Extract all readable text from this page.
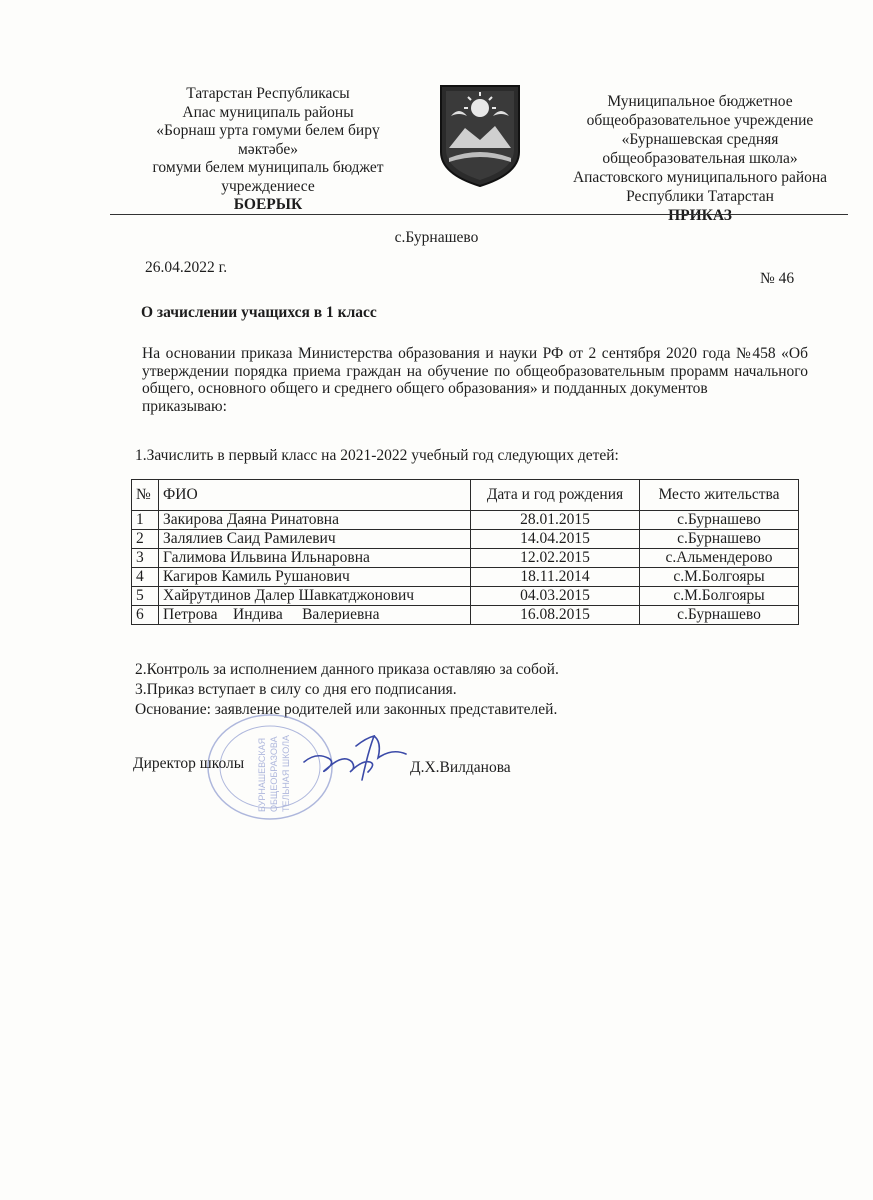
Татарстан Республикасы
Апас муниципаль районы
«Борнаш урта гомуми белем бирү
мәктәбе»
гомуми белем муниципаль бюджет
учреждениесе
БОЕРЫК
Муниципальное бюджетное
общеобразовательное учреждение
«Бурнашевская средняя
общеобразовательная школа»
Апастовского муниципального района
Республики Татарстан
ПРИКАЗ
с.Бурнашево
26.04.2022 г.
№ 46
О зачислении учащихся в 1 класс

На основании приказа Министерства образования и науки РФ от 2 сентября 2020 года №458 «Об утверждении порядка приема граждан на обучение по общеобразовательным прорамм начального общего, основного общего и среднего общего образования» и подданных документов

приказываю:

1.Зачислить в первый класс на 2021-2022 учебный год следующих детей:
№	ФИО	Дата и год рождения	Место жительства
1	Закирова Даяна Ринатовна	28.01.2015	с.Бурнашево
2	Залялиев Саид Рамилевич	14.04.2015	с.Бурнашево
3	Галимова Ильвина Ильнаровна	12.02.2015	с.Альмендерово
4	Кагиров Камиль Рушанович	18.11.2014	с.М.Болгояры
5	Хайрутдинов Далер Шавкатджонович	04.03.2015	с.М.Болгояры
6	Петрова    Индива     Валериевна	16.08.2015	с.Бурнашево

2.Контроль за исполнением данного приказа оставляю за собой.

3.Приказ вступает в силу со дня его подписания.

Основание: заявление родителей или законных представителей.

БУРНАШЕВСКАЯ ОБЩЕОБРАЗОВА ТЕЛЬНАЯ ШКОЛА
Директор школы	Д.Х.Вилданова
